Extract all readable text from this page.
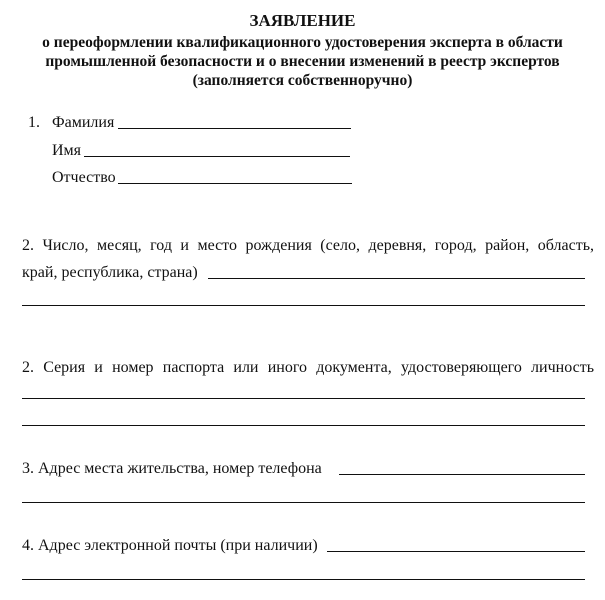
ЗАЯВЛЕНИЕ
о переоформлении квалификационного удостоверения эксперта в области
промышленной безопасности и о внесении изменений в реестр экспертов
(заполняется собственноручно)
1. Фамилия
Имя
Отчество
2. Число, месяц, год и место рождения (село, деревня, город, район, область,
край, республика, страна)
2. Серия и номер паспорта или иного документа, удостоверяющего личность
3. Адрес места жительства, номер телефона
4. Адрес электронной почты (при наличии)
